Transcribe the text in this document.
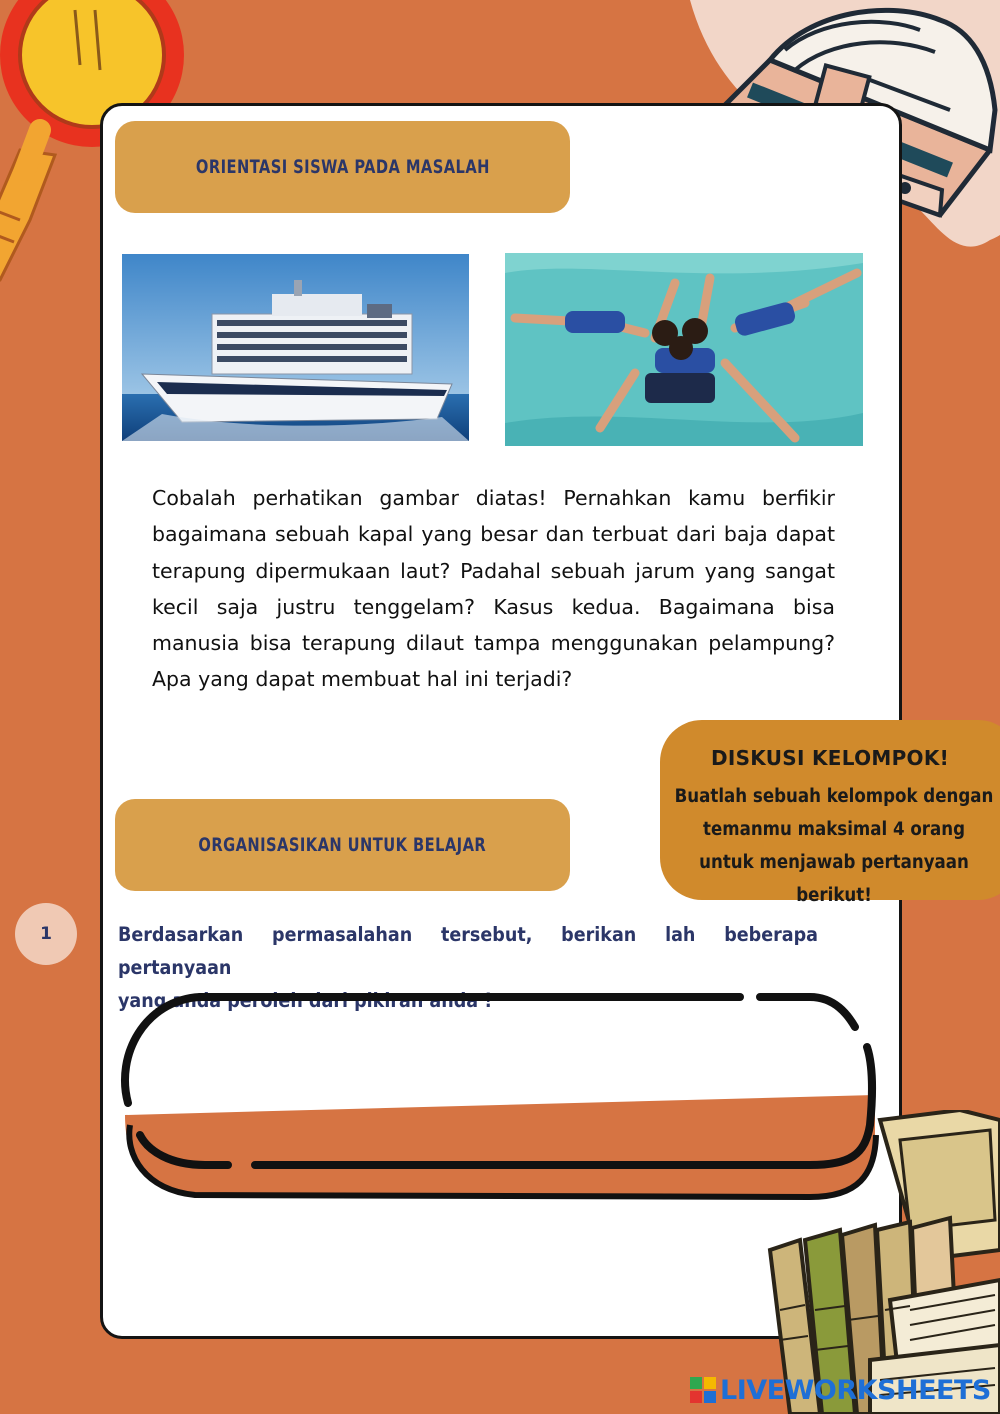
ORIENTASI SISWA PADA MASALAH

Cobalah perhatikan gambar diatas! Pernahkan kamu berfikir bagaimana sebuah kapal yang besar dan terbuat dari baja dapat terapung dipermukaan laut? Padahal sebuah jarum yang sangat kecil saja justru tenggelam? Kasus kedua. Bagaimana bisa manusia bisa terapung dilaut tampa menggunakan pelampung? Apa yang dapat membuat hal ini terjadi?

DISKUSI KELOMPOK!
Buatlah sebuah kelompok dengan temanmu maksimal 4 orang untuk menjawab pertanyaan berikut!
ORGANISASIKAN UNTUK BELAJAR
1	Berdasarkan permasalahan tersebut, berikan lah beberapa pertanyaan
yang anda peroleh dari pikiran anda !

LIVEWORKSHEETS
